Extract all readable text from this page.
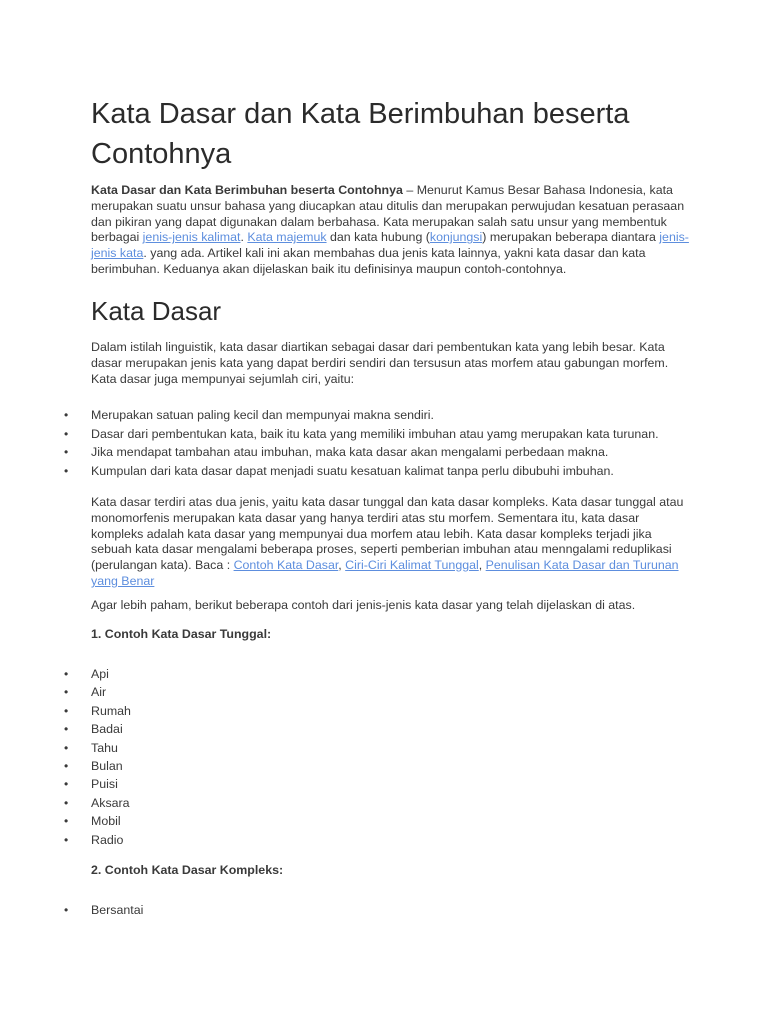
Kata Dasar dan Kata Berimbuhan beserta Contohnya

Kata Dasar dan Kata Berimbuhan beserta Contohnya – Menurut Kamus Besar Bahasa Indonesia, kata merupakan suatu unsur bahasa yang diucapkan atau ditulis dan merupakan perwujudan kesatuan perasaan dan pikiran yang dapat digunakan dalam berbahasa. Kata merupakan salah satu unsur yang membentuk berbagai jenis-jenis kalimat. Kata majemuk dan kata hubung (konjungsi) merupakan beberapa diantara jenis-jenis kata. yang ada. Artikel kali ini akan membahas dua jenis kata lainnya, yakni kata dasar dan kata berimbuhan. Keduanya akan dijelaskan baik itu definisinya maupun contoh-contohnya.

Kata Dasar

Dalam istilah linguistik, kata dasar diartikan sebagai dasar dari pembentukan kata yang lebih besar. Kata dasar merupakan jenis kata yang dapat berdiri sendiri dan tersusun atas morfem atau gabungan morfem. Kata dasar juga mempunyai sejumlah ciri, yaitu:

• Merupakan satuan paling kecil dan mempunyai makna sendiri.
• Dasar dari pembentukan kata, baik itu kata yang memiliki imbuhan atau yamg merupakan kata turunan.
• Jika mendapat tambahan atau imbuhan, maka kata dasar akan mengalami perbedaan makna.
• Kumpulan dari kata dasar dapat menjadi suatu kesatuan kalimat tanpa perlu dibubuhi imbuhan.

Kata dasar terdiri atas dua jenis, yaitu kata dasar tunggal dan kata dasar kompleks. Kata dasar tunggal atau monomorfenis merupakan kata dasar yang hanya terdiri atas stu morfem. Sementara itu, kata dasar kompleks adalah kata dasar yang mempunyai dua morfem atau lebih. Kata dasar kompleks terjadi jika sebuah kata dasar mengalami beberapa proses, seperti pemberian imbuhan atau menngalami reduplikasi (perulangan kata). Baca : Contoh Kata Dasar, Ciri-Ciri Kalimat Tunggal, Penulisan Kata Dasar dan Turunan yang Benar

Agar lebih paham, berikut beberapa contoh dari jenis-jenis kata dasar yang telah dijelaskan di atas.

1. Contoh Kata Dasar Tunggal:

• Api
• Air
• Rumah
• Badai
• Tahu
• Bulan
• Puisi
• Aksara
• Mobil
• Radio

2. Contoh Kata Dasar Kompleks:

• Bersantai
